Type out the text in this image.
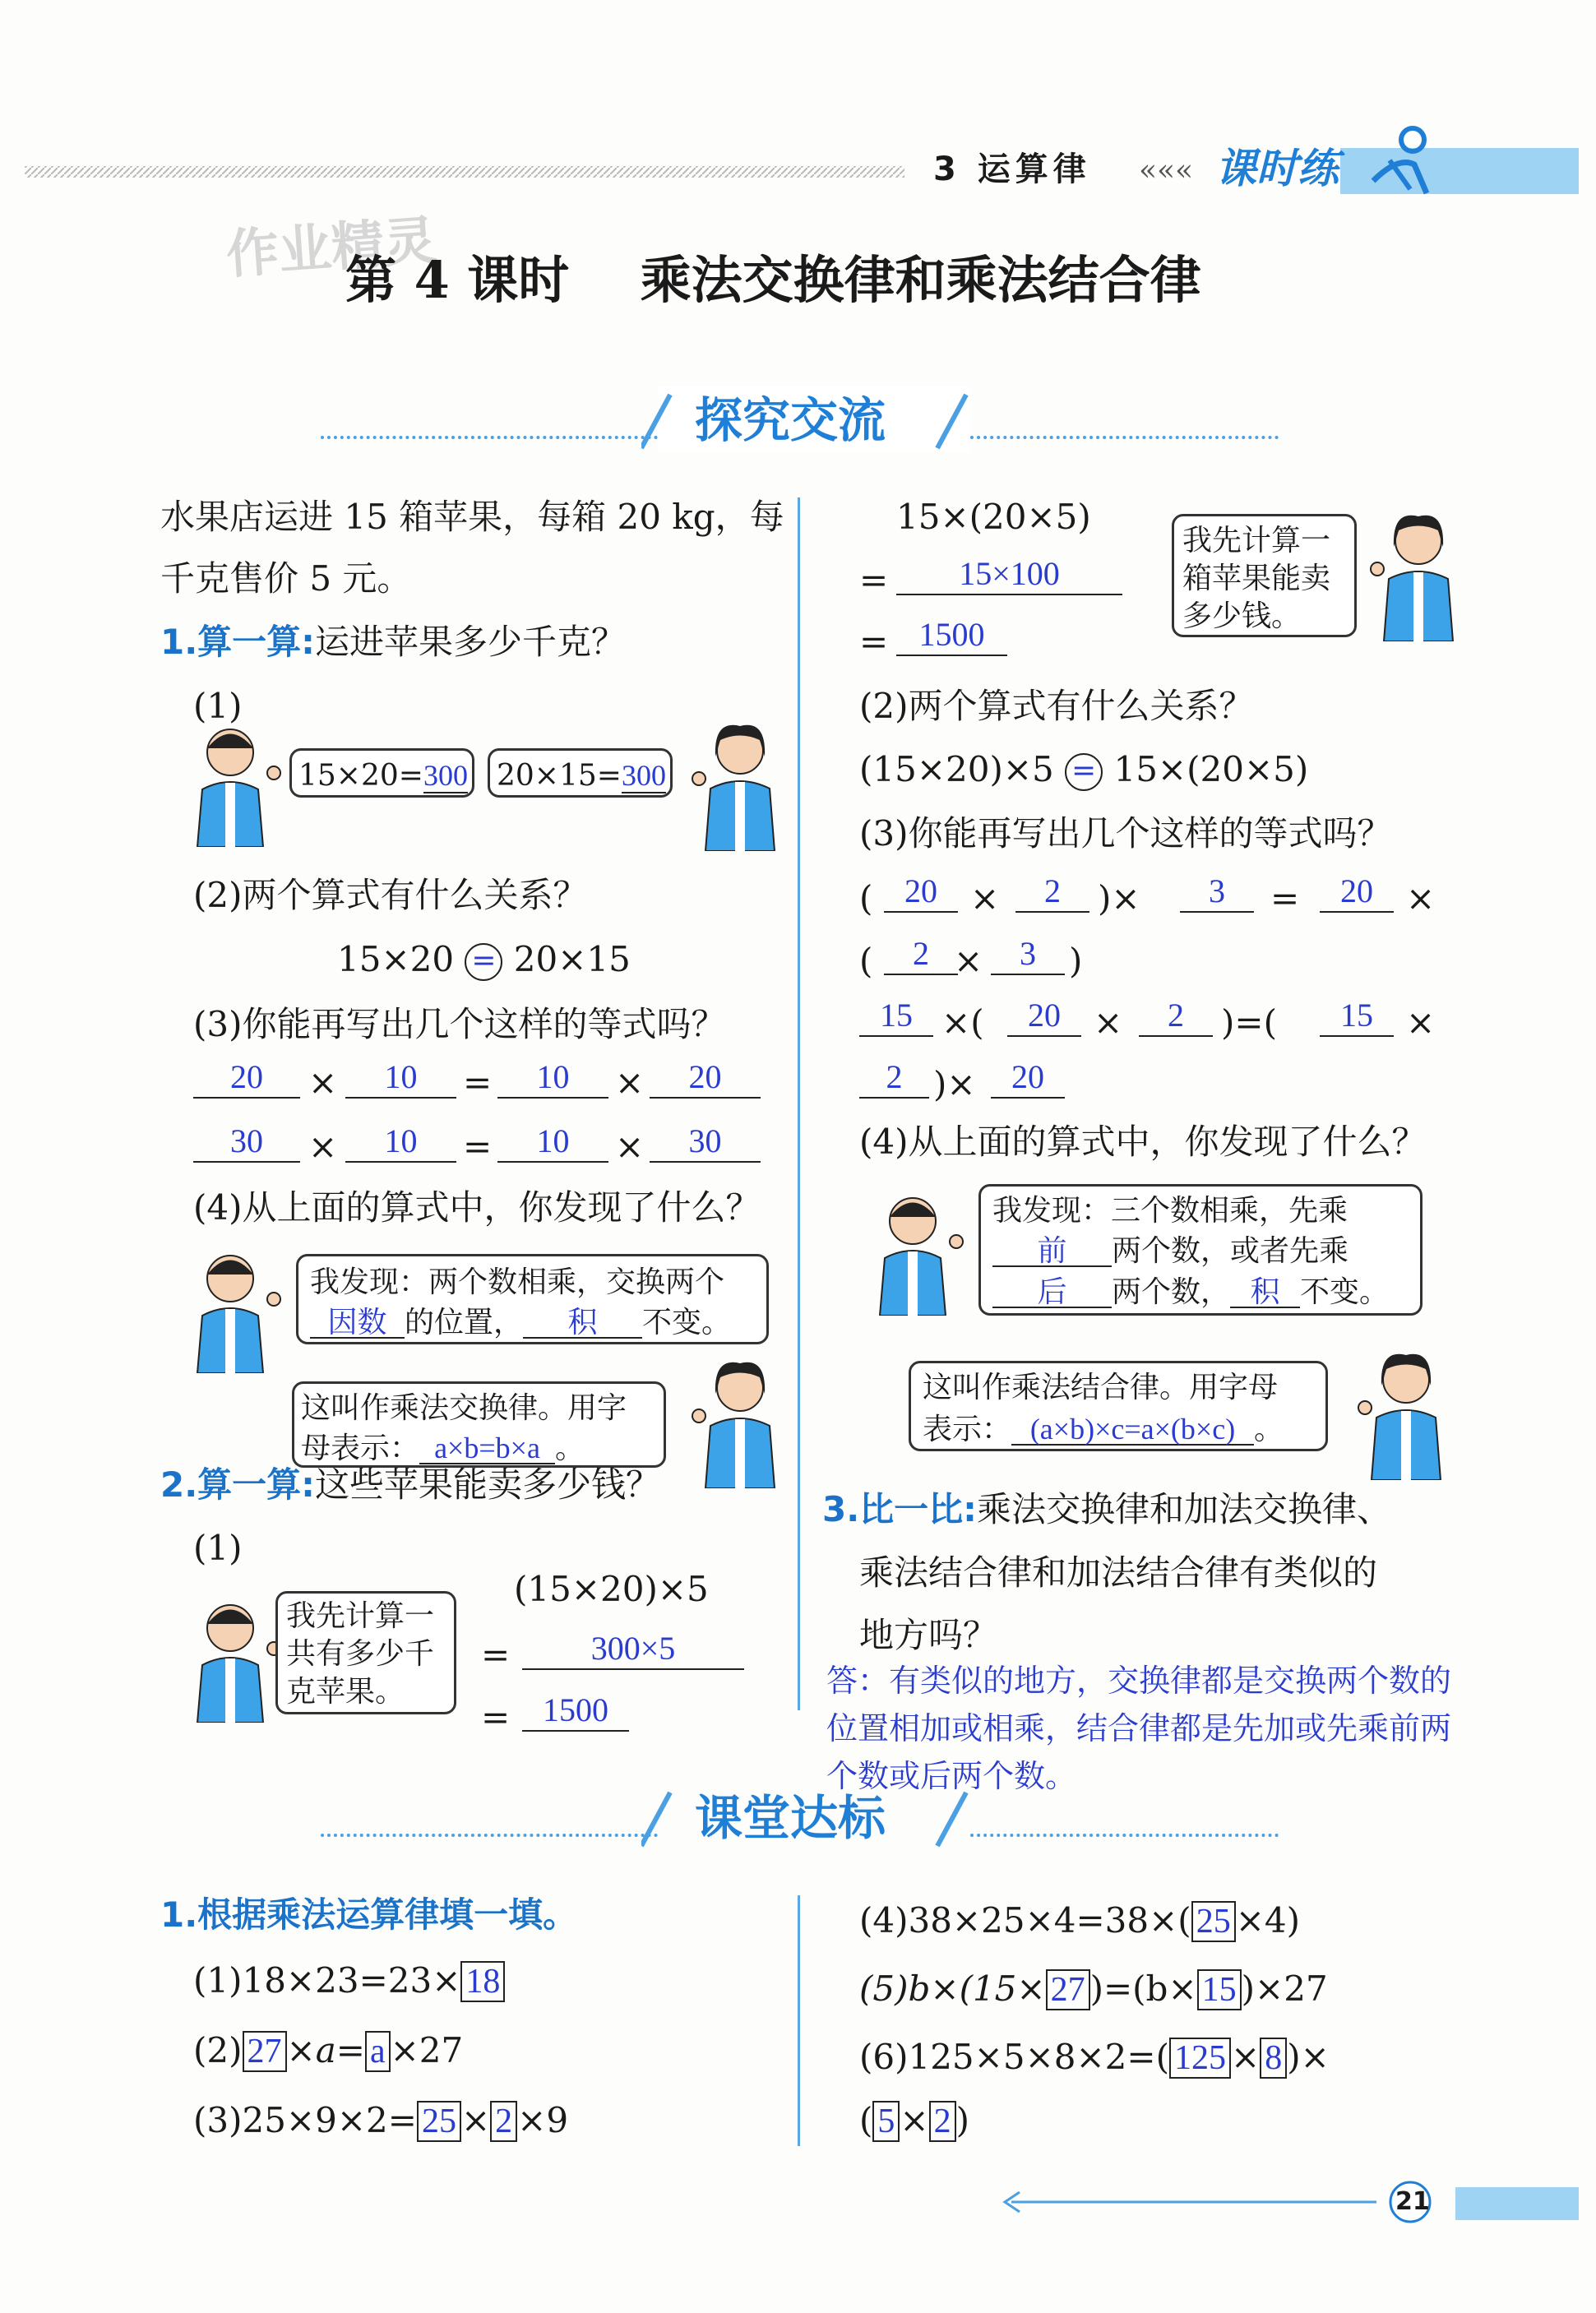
3 运算律 ««« 课时练
作业精灵
第 4 课时    乘法交换律和乘法结合律
探究交流
水果店运进 15 箱苹果，每箱 20 kg，每
千克售价 5 元。
1.算一算:运进苹果多少千克？
(1)
15×20=300 20×15=300
(2)两个算式有什么关系？
15×20 = 20×15
(3)你能再写出几个这样的等式吗？
20	×	10	=	10	×	20
30	×	10	=	10	×	30
(4)从上面的算式中，你发现了什么？
我发现：两个数相乘，交换两个
因数 的位置， 积 不变。
这叫作乘法交换律。用字
母表示： a×b=b×a 。
2.算一算:这些苹果能卖多少钱？
(1)
我先计算一
共有多少千
克苹果。
(15×20)×5
=	300×5
= 1500
15×(20×5)
=	15×100
= 1500
我先计算一
箱苹果能卖
多少钱。
(2)两个算式有什么关系？
(15×20)×5 = 15×(20×5)
(3)你能再写出几个这样的等式吗？
( 20 ×	2	)×	3	=	20 ×
(	2 ×	3 )
15 ×(	20 ×	2	)=(	15 ×
2 )×	20
(4)从上面的算式中，你发现了什么？
我发现：三个数相乘，先乘
前 两个数，或者先乘
后 两个数， 积 不变。
这叫作乘法结合律。用字母
表示： (a×b)×c=a×(b×c) 。
3.比一比:乘法交换律和加法交换律、
乘法结合律和加法结合律有类似的
地方吗？
答：有类似的地方，交换律都是交换两个数的
位置相加或相乘，结合律都是先加或先乘前两
个数或后两个数。
课堂达标
1.根据乘法运算律填一填。
(1)18×23=23× 18
(2) 27 ×a= a ×27
(3)25×9×2= 25 × 2 ×9
(4)38×25×4=38×( 25 ×4)
(5)b×(15× 27 )=(b× 15 )×27
(6)125×5×8×2=( 125 × 8 )×
( 5 × 2 )
21
